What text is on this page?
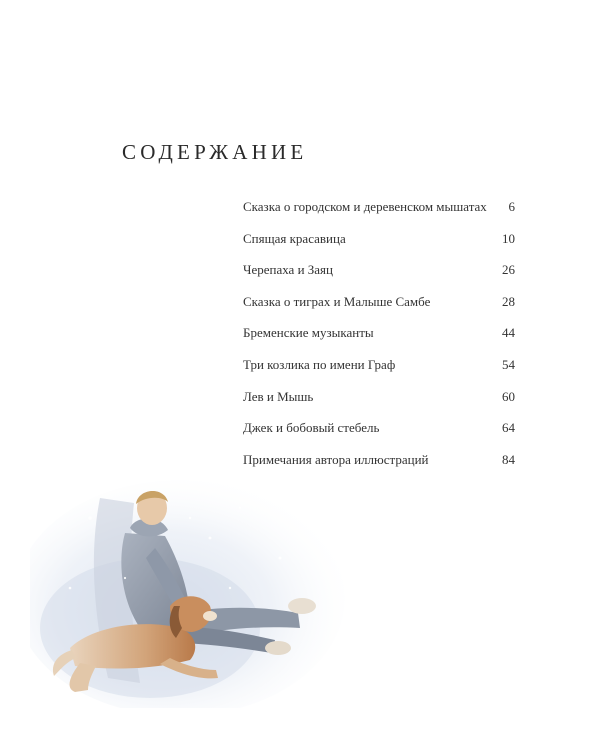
СОДЕРЖАНИЕ
Сказка о городском и деревенском мышатах	6
Спящая красавица	10
Черепаха и Заяц	26
Сказка о тиграх и Малыше Самбе	28
Бременские музыканты	44
Три козлика по имени Граф	54
Лев и Мышь	60
Джек и бобовый стебель	64
Примечания автора иллюстраций	84
